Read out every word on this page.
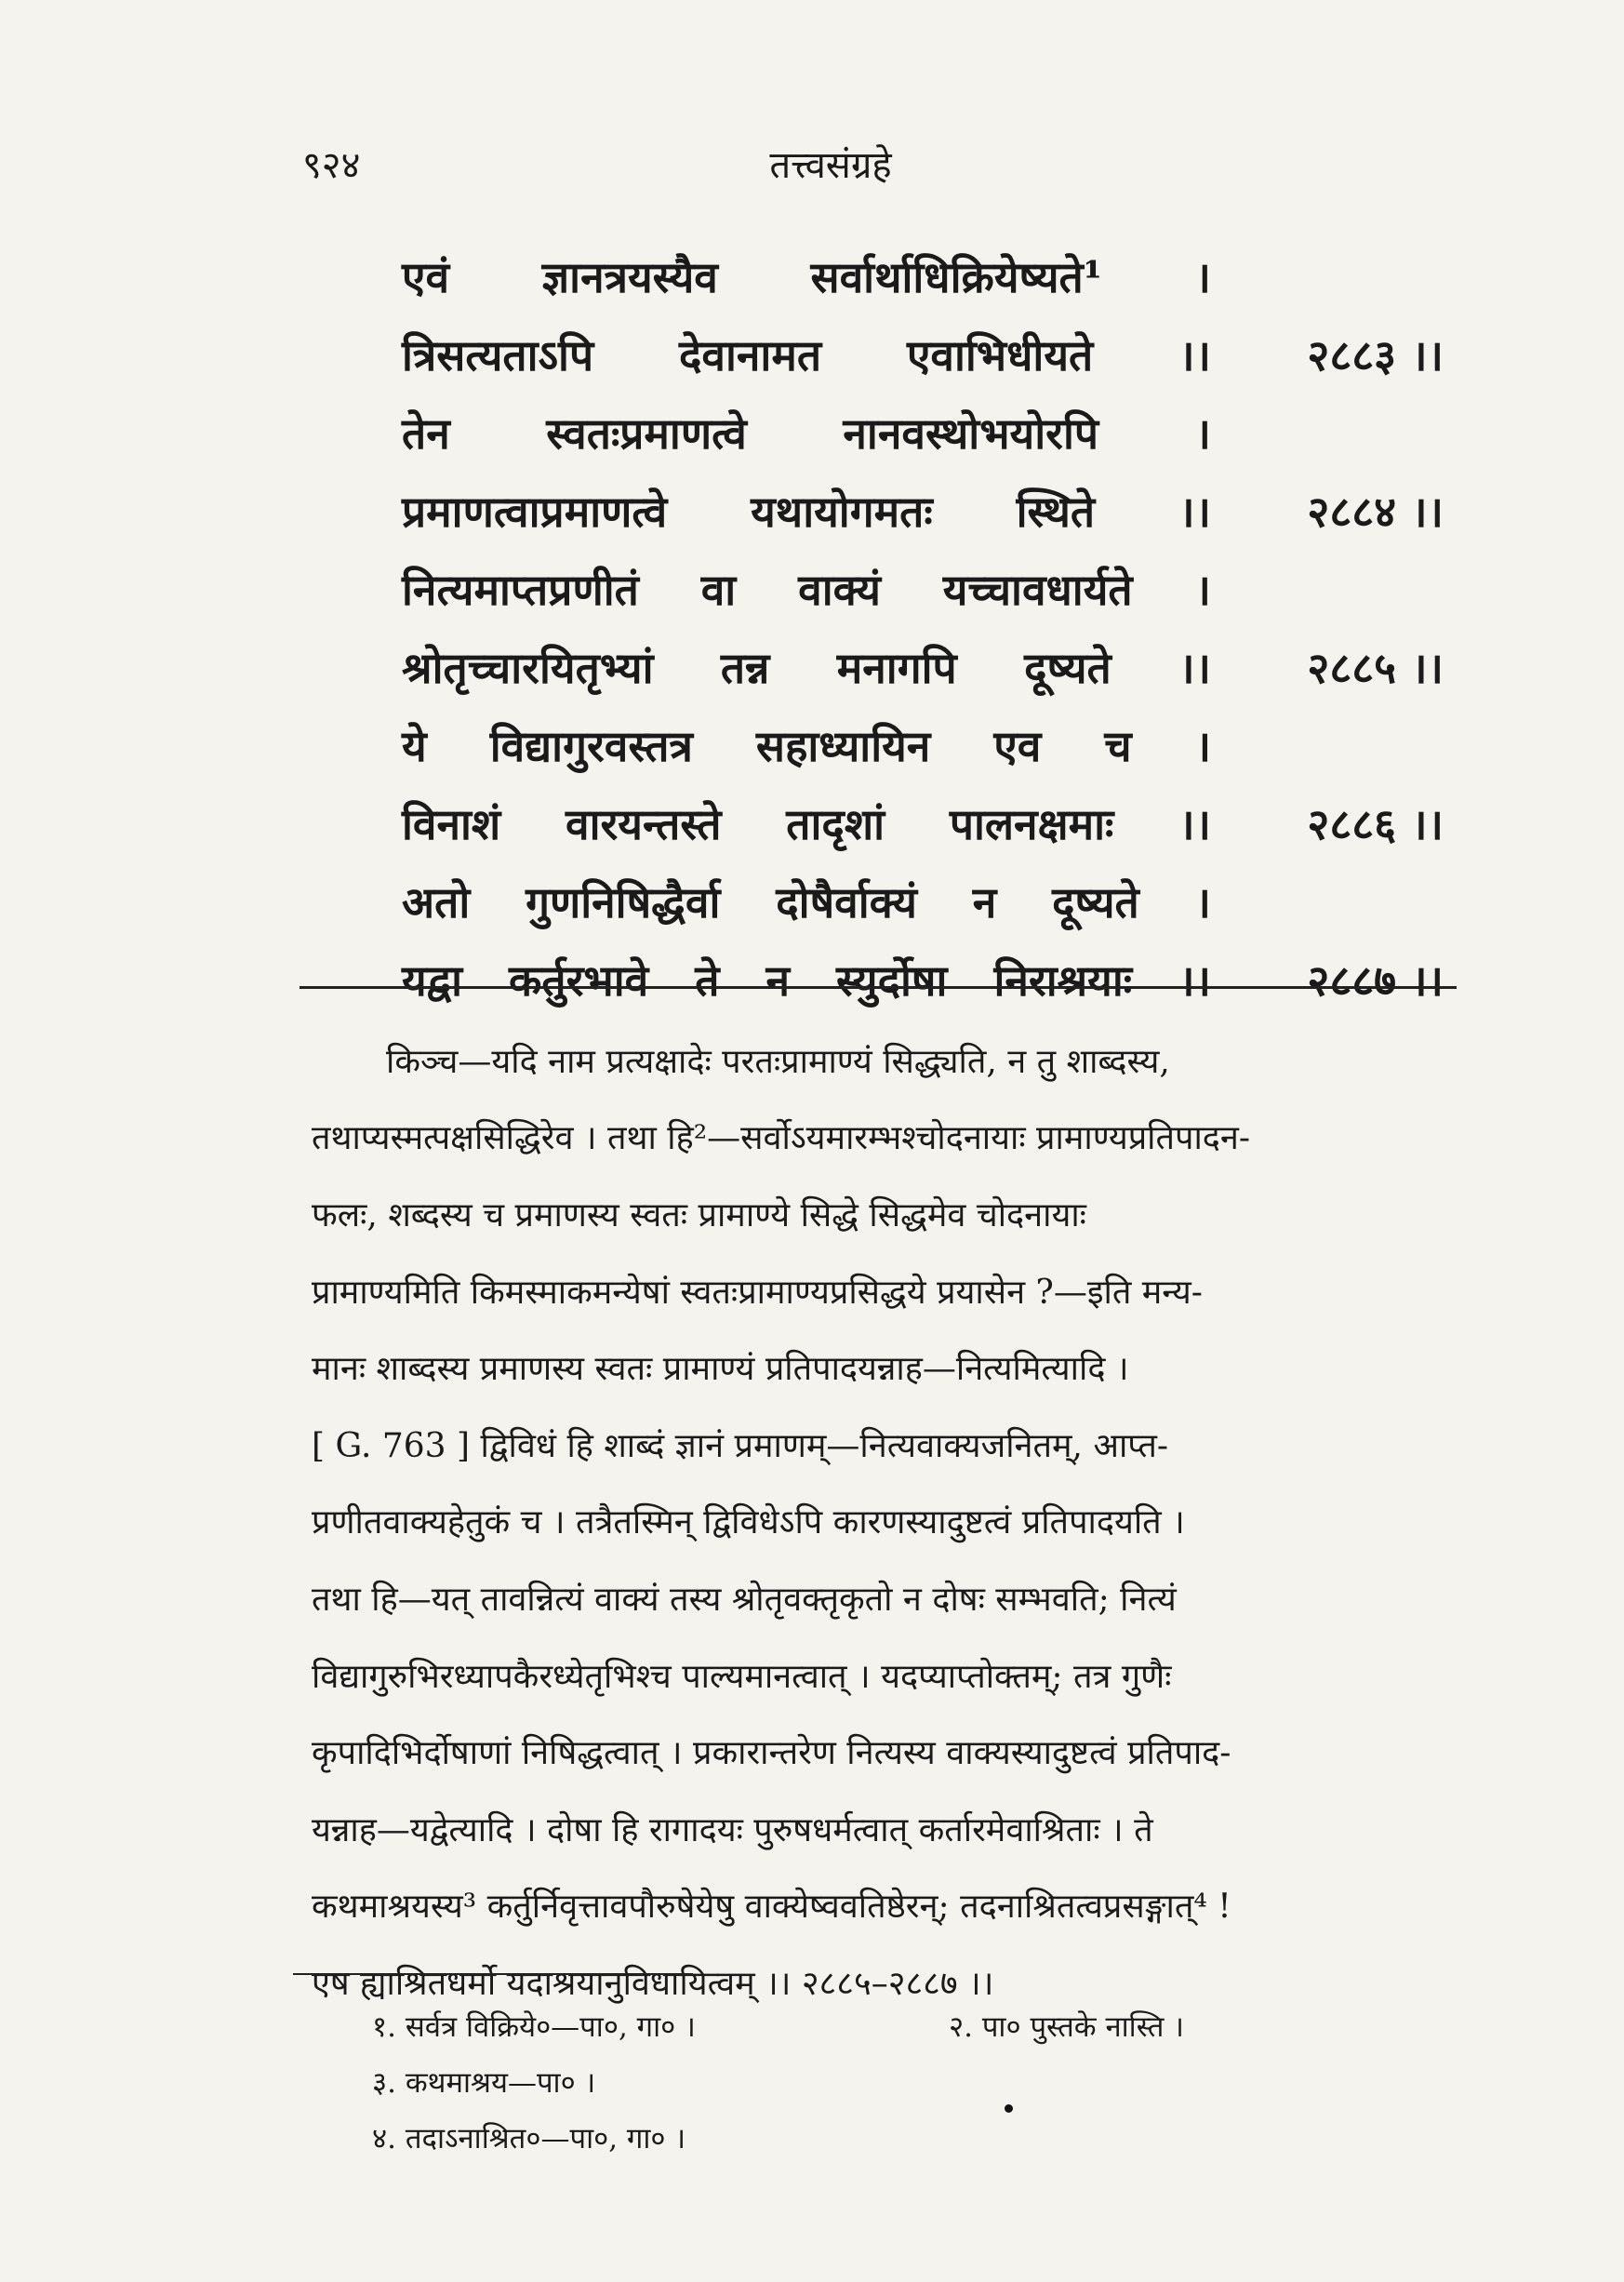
९२४	तत्त्वसंग्रहे
एवं ज्ञानत्रयस्यैव सर्वार्थाधिक्रियेष्यते¹ ।
त्रिसत्यताऽपि देवानामत एवाभिधीयते ।।	२८८३ ।।
तेन स्वतःप्रमाणत्वे नानवस्थोभयोरपि ।
प्रमाणत्वाप्रमाणत्वे यथायोगमतः स्थिते ।।	२८८४ ।।
नित्यमाप्तप्रणीतं वा वाक्यं यच्चावधार्यते ।
श्रोतृच्चारयितृभ्यां तन्न मनागपि दूष्यते ।।	२८८५ ।।
ये विद्यागुरवस्तत्र सहाध्यायिन एव च ।
विनाशं वारयन्तस्ते तादृशां पालनक्षमाः ।।	२८८६ ।।
अतो गुणनिषिद्धैर्वा दोषैर्वाक्यं न दूष्यते ।
यद्वा कर्तुरभावे ते न स्युर्दोषा निराश्रयाः ।।	२८८७ ।।
किञ्च—यदि नाम प्रत्यक्षादेः परतःप्रामाण्यं सिद्ध्यति, न तु शाब्दस्य,
तथाप्यस्मत्पक्षसिद्धिरेव । तथा हि²—सर्वोऽयमारम्भश्चोदनायाः प्रामाण्यप्रतिपादन-
फलः, शब्दस्य च प्रमाणस्य स्वतः प्रामाण्ये सिद्धे सिद्धमेव चोदनायाः
प्रामाण्यमिति किमस्माकमन्येषां स्वतःप्रामाण्यप्रसिद्धये प्रयासेन ?—इति मन्य-
मानः शाब्दस्य प्रमाणस्य स्वतः प्रामाण्यं प्रतिपादयन्नाह—नित्यमित्यादि ।
[ G. 763 ] द्विविधं हि शाब्दं ज्ञानं प्रमाणम्—नित्यवाक्यजनितम्, आप्त-
प्रणीतवाक्यहेतुकं च । तत्रैतस्मिन् द्विविधेऽपि कारणस्यादुष्टत्वं प्रतिपादयति ।
तथा हि—यत् तावन्नित्यं वाक्यं तस्य श्रोतृवक्तृकृतो न दोषः सम्भवति; नित्यं
विद्यागुरुभिरध्यापकैरध्येतृभिश्च पाल्यमानत्वात् । यदप्याप्तोक्तम्; तत्र गुणैः
कृपादिभिर्दोषाणां निषिद्धत्वात् । प्रकारान्तरेण नित्यस्य वाक्यस्यादुष्टत्वं प्रतिपाद-
यन्नाह—यद्वेत्यादि । दोषा हि रागादयः पुरुषधर्मत्वात् कर्तारमेवाश्रिताः । ते
कथमाश्रयस्य³ कर्तुर्निवृत्तावपौरुषेयेषु वाक्येष्ववतिष्ठेरन्; तदनाश्रितत्वप्रसङ्गात्⁴ !
एष ह्याश्रितधर्मो यदाश्रयानुविधायित्वम् ।। २८८५–२८८७ ।।
१. सर्वत्र विक्रिये०—पा०, गा० ।	२. पा० पुस्तके नास्ति ।
३. कथमाश्रय—पा० ।
४. तदाऽनाश्रित०—पा०, गा० ।
